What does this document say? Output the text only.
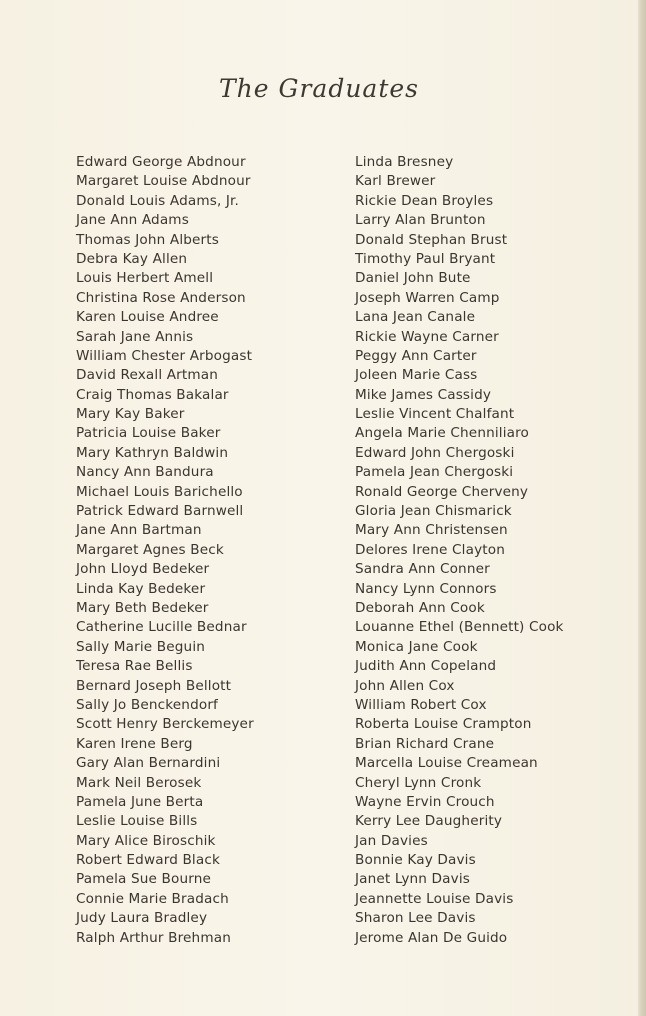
The Graduates
Edward George Abdnour
Margaret Louise Abdnour
Donald Louis Adams, Jr.
Jane Ann Adams
Thomas John Alberts
Debra Kay Allen
Louis Herbert Amell
Christina Rose Anderson
Karen Louise Andree
Sarah Jane Annis
William Chester Arbogast
David Rexall Artman
Craig Thomas Bakalar
Mary Kay Baker
Patricia Louise Baker
Mary Kathryn Baldwin
Nancy Ann Bandura
Michael Louis Barichello
Patrick Edward Barnwell
Jane Ann Bartman
Margaret Agnes Beck
John Lloyd Bedeker
Linda Kay Bedeker
Mary Beth Bedeker
Catherine Lucille Bednar
Sally Marie Beguin
Teresa Rae Bellis
Bernard Joseph Bellott
Sally Jo Benckendorf
Scott Henry Berckemeyer
Karen Irene Berg
Gary Alan Bernardini
Mark Neil Berosek
Pamela June Berta
Leslie Louise Bills
Mary Alice Biroschik
Robert Edward Black
Pamela Sue Bourne
Connie Marie Bradach
Judy Laura Bradley
Ralph Arthur Brehman
Linda Bresney
Karl Brewer
Rickie Dean Broyles
Larry Alan Brunton
Donald Stephan Brust
Timothy Paul Bryant
Daniel John Bute
Joseph Warren Camp
Lana Jean Canale
Rickie Wayne Carner
Peggy Ann Carter
Joleen Marie Cass
Mike James Cassidy
Leslie Vincent Chalfant
Angela Marie Chenniliaro
Edward John Chergoski
Pamela Jean Chergoski
Ronald George Cherveny
Gloria Jean Chismarick
Mary Ann Christensen
Delores Irene Clayton
Sandra Ann Conner
Nancy Lynn Connors
Deborah Ann Cook
Louanne Ethel (Bennett) Cook
Monica Jane Cook
Judith Ann Copeland
John Allen Cox
William Robert Cox
Roberta Louise Crampton
Brian Richard Crane
Marcella Louise Creamean
Cheryl Lynn Cronk
Wayne Ervin Crouch
Kerry Lee Daugherity
Jan Davies
Bonnie Kay Davis
Janet Lynn Davis
Jeannette Louise Davis
Sharon Lee Davis
Jerome Alan De Guido
